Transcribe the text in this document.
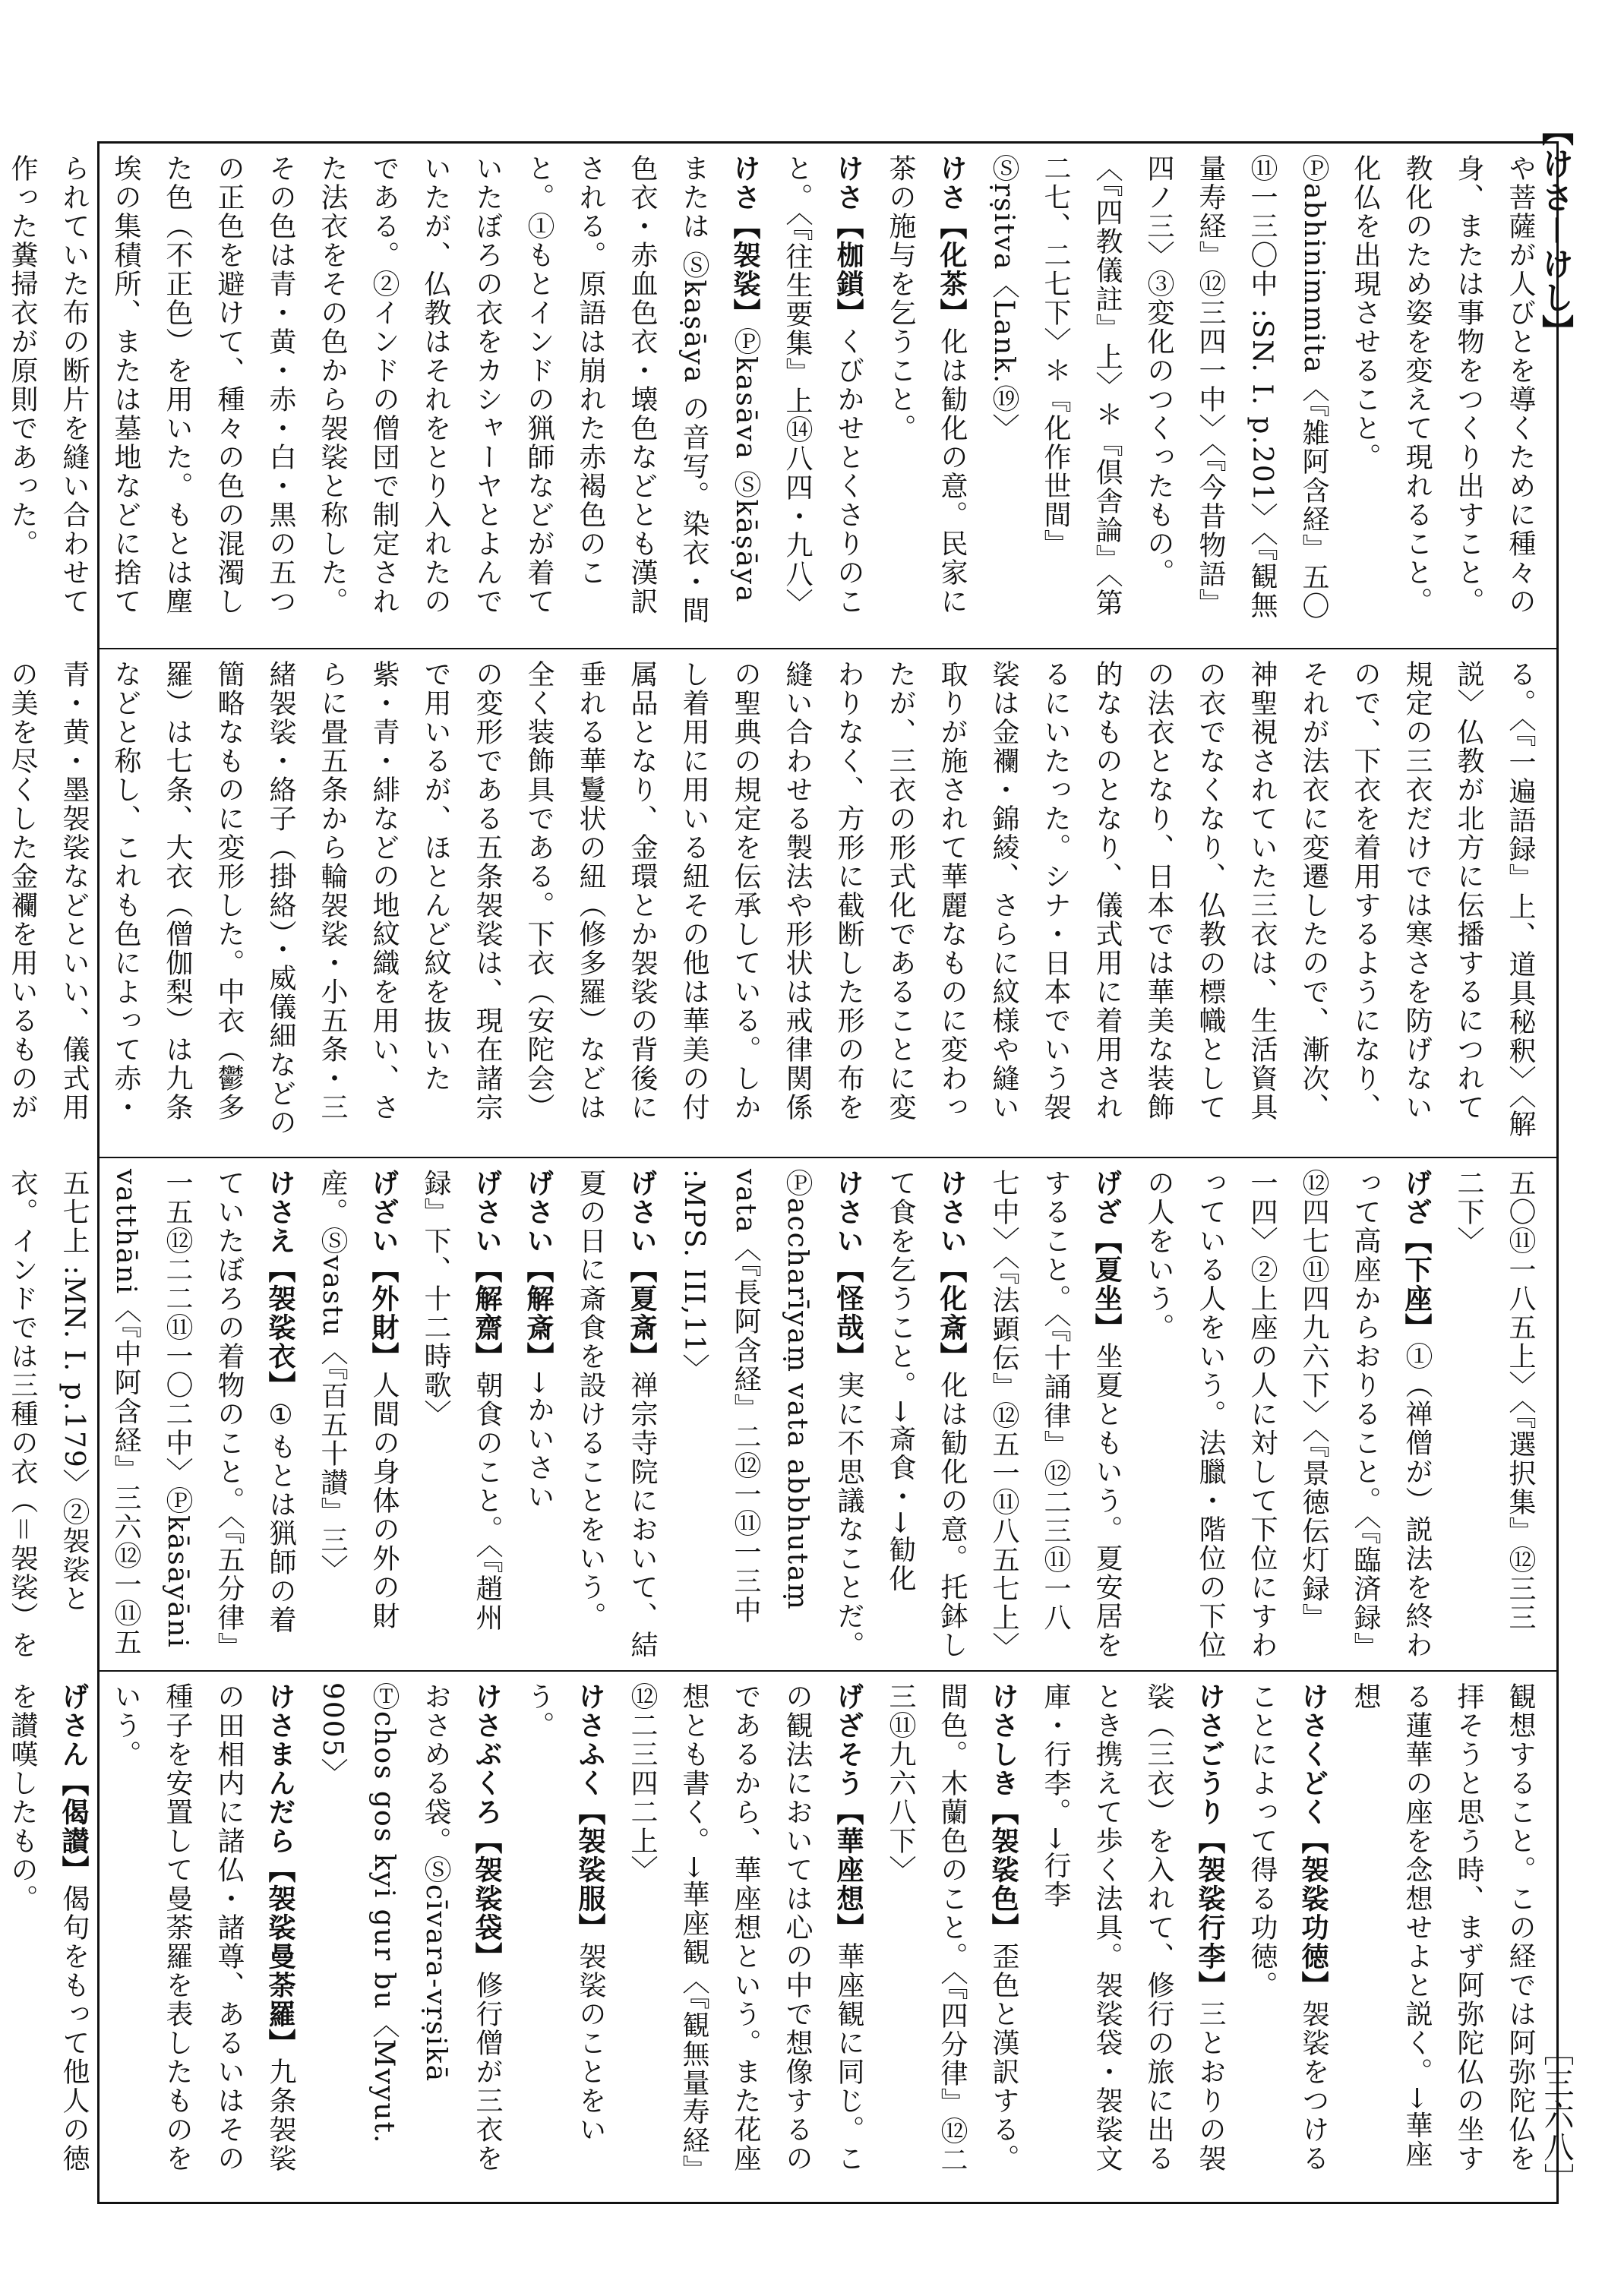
【けさ－けし】
［三六八］

や菩薩が人びとを導くために種々の身、または事物をつくり出すこと。教化のため姿を変えて現れること。化仏を出現させること。Ⓟabhinimmita〈『雑阿含経』五〇⑪一三〇中 :SN. I. p.201〉〈『観無量寿経』⑫三四一中〉〈『今昔物語』四ノ三〉③変化のつくったもの。〈『四教儀註』上〉＊『倶舎論』〈第二七、二七下〉＊『化作世間』Ⓢṛṣitva〈Lank.⑲〉

けさ【化茶】化は勧化の意。民家に茶の施与を乞うこと。

けさ【枷鎖】くびかせとくさりのこと。〈『往生要集』上⑭八四・九八〉

けさ【袈裟】Ⓟkasāva Ⓢkāṣāya または Ⓢkaṣāya の音写。染衣・間色衣・赤血色衣・壊色などとも漢訳される。原語は崩れた赤褐色のこと。①もとインドの猟師などが着ていたぼろの衣をカシャーヤとよんでいたが、仏教はそれをとり入れたのである。②インドの僧団で制定された法衣をその色から袈裟と称した。その色は青・黄・赤・白・黒の五つの正色を避けて、種々の色の混濁した色（不正色）を用いた。もとは塵埃の集積所、または墓地などに捨てられていた布の断片を縫い合わせて作った糞掃衣が原則であった。

る。〈『一遍語録』上、道具秘釈〉〈解説〉仏教が北方に伝播するにつれて規定の三衣だけでは寒さを防げないので、下衣を着用するようになり、それが法衣に変遷したので、漸次、神聖視されていた三衣は、生活資具の衣でなくなり、仏教の標幟としての法衣となり、日本では華美な装飾的なものとなり、儀式用に着用されるにいたった。シナ・日本でいう袈裟は金襴・錦綾、さらに紋様や縫い取りが施されて華麗なものに変わったが、三衣の形式化であることに変わりなく、方形に截断した形の布を縫い合わせる製法や形状は戒律関係の聖典の規定を伝承している。しかし着用に用いる紐その他は華美の付属品となり、金環とか袈裟の背後に垂れる華鬘状の紐（修多羅）などは全く装飾具である。下衣（安陀会）の変形である五条袈裟は、現在諸宗で用いるが、ほとんど紋を抜いた紫・青・緋などの地紋織を用い、さらに畳五条から輪袈裟・小五条・三緒袈裟・絡子（掛絡）・威儀細などの簡略なものに変形した。中衣（鬱多羅）は七条、大衣（僧伽梨）は九条などと称し、これも色によって赤・青・黄・墨袈裟などといい、儀式用の美を尽くした金襴を用いるものが

五〇⑪一八五上〉〈『選択集』⑫三三二下〉

げざ【下座】①（禅僧が）説法を終わって高座からおりること。〈『臨済録』⑫四七⑪四九六下〉〈『景徳伝灯録』一四〉②上座の人に対して下位にすわっている人をいう。法臘・階位の下位の人をいう。

げざ【夏坐】坐夏ともいう。夏安居をすること。〈『十誦律』⑫二三⑪一八七中〉〈『法顕伝』⑫五一⑪八五七上〉

けさい【化斎】化は勧化の意。托鉢して食を乞うこと。→斎食・→勧化

けさい【怪哉】実に不思議なことだ。Ⓟaccharīyaṃ vata abbhutaṃ vata〈『長阿含経』二⑫一⑪一三中 :MPS. III,11〉

げさい【夏斎】禅宗寺院において、結夏の日に斎食を設けることをいう。

げさい【解斎】→かいさい

げさい【解齋】朝食のこと。〈『趙州録』下、十二時歌〉

げざい【外財】人間の身体の外の財産。Ⓢvastu〈『百五十讃』三〉

けさえ【袈裟衣】①もとは猟師の着ていたぼろの着物のこと。〈『五分律』一五⑫二二⑪一〇二中〉Ⓟkāsāyāni vatthāni〈『中阿含経』三六⑫一⑪五五七上 :MN. I. p.179〉②袈裟と衣。インドでは三種の衣（＝袈裟）を

観想すること。この経では阿弥陀仏を拝そうと思う時、まず阿弥陀仏の坐する蓮華の座を念想せよと説く。→華座想

けさくどく【袈裟功徳】袈裟をつけることによって得る功徳。

けさごうり【袈裟行李】三とおりの袈裟（三衣）を入れて、修行の旅に出るとき携えて歩く法具。袈裟袋・袈裟文庫・行李。→行李

けさしき【袈裟色】歪色と漢訳する。間色。木蘭色のこと。〈『四分律』⑫二三⑪九六八下〉

げざそう【華座想】華座観に同じ。この観法においては心の中で想像するのであるから、華座想という。また花座想とも書く。→華座観〈『観無量寿経』⑫二三四二上〉

けさふく【袈裟服】袈裟のことをいう。

けさぶくろ【袈裟袋】修行僧が三衣をおさめる袋。Ⓢcīvara-vṛṣikā Ⓣchos gos kyi gur bu〈Mvyut. 9005〉

けさまんだら【袈裟曼荼羅】九条袈裟の田相内に諸仏・諸尊、あるいはその種子を安置して曼荼羅を表したものをいう。

げさん【偈讃】偈句をもって他人の徳を讃嘆したもの。
